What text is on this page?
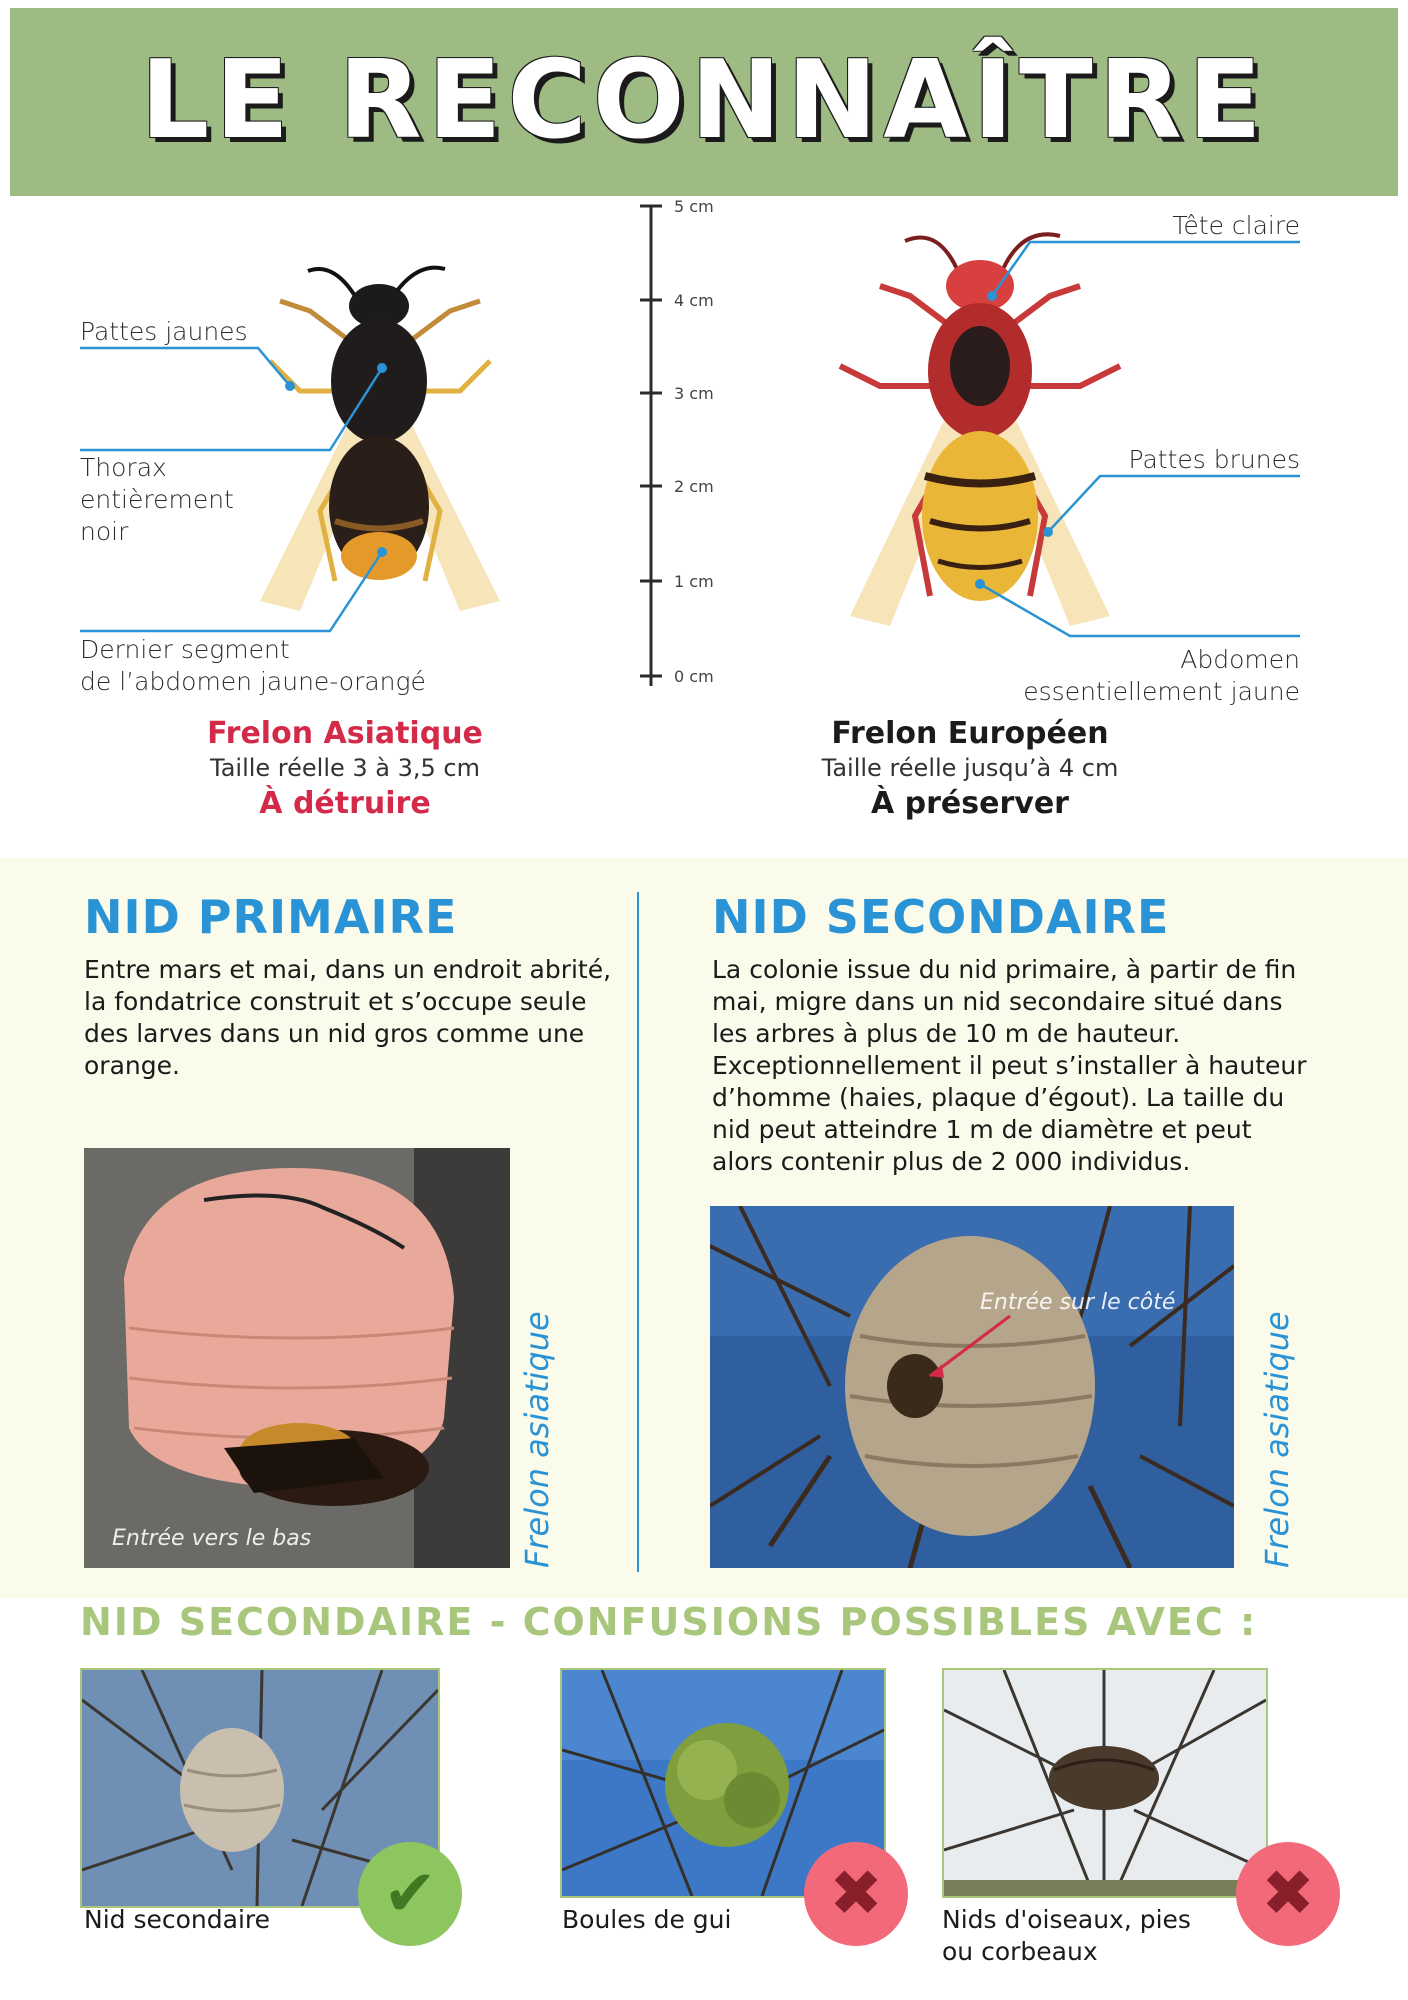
LE RECONNAÎTRE
5 cm
4 cm
3 cm
2 cm
1 cm
0 cm
Pattes jaunes
Thorax
entièrement
noir
Dernier segment
de l’abdomen jaune-orangé
Frelon Asiatique
Taille réelle 3 à 3,5 cm
À détruire
Tête claire
Pattes brunes
Abdomen
essentiellement jaune
Frelon Européen
Taille réelle jusqu’à 4 cm
À préserver
NID PRIMAIRE
Entre mars et mai, dans un endroit abrité, la fondatrice construit et s’occupe seule des larves dans un nid gros comme une orange.
Entrée vers le bas	Frelon asiatique
NID SECONDAIRE
La colonie issue du nid primaire, à partir de fin mai, migre dans un nid secondaire situé dans les arbres à plus de 10 m de hauteur. Exceptionnellement il peut s’installer à hauteur d’homme (haies, plaque d’égout). La taille du nid peut atteindre 1 m de diamètre et peut alors contenir plus de 2 000 individus.
Entrée sur le côté
Frelon asiatique
NID SECONDAIRE - CONFUSIONS POSSIBLES AVEC :
✔
Nid secondaire	✖
Boules de gui	✖
Nids d'oiseaux, pies
ou corbeaux
